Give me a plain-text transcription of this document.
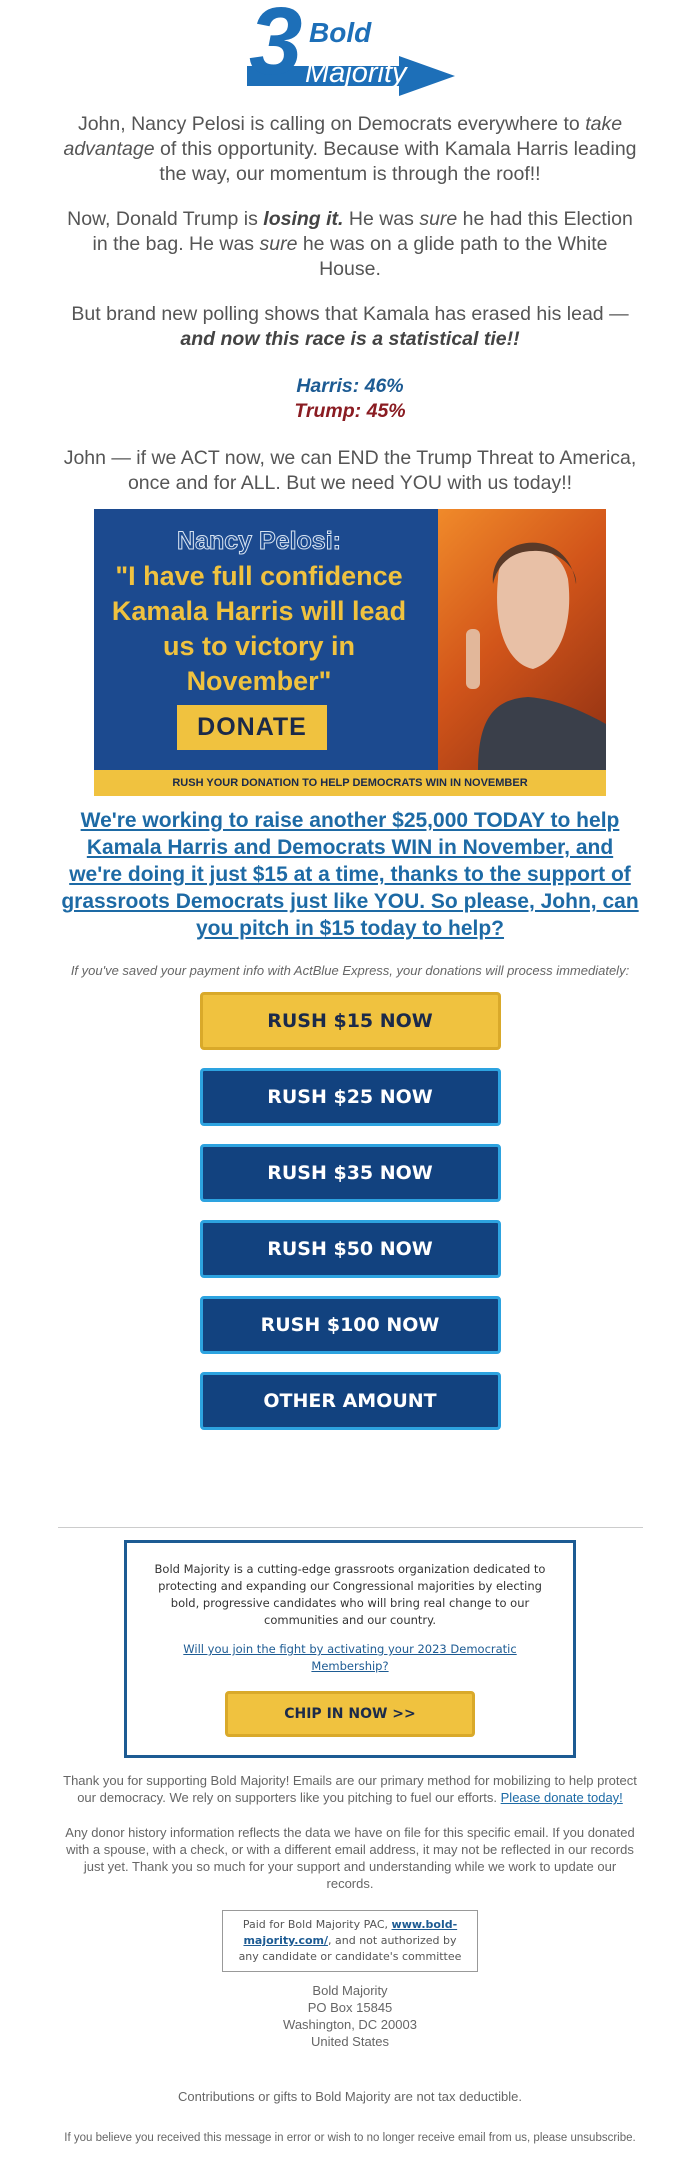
3 Bold
Majority

John, Nancy Pelosi is calling on Democrats everywhere to take advantage of this opportunity. Because with Kamala Harris leading the way, our momentum is through the roof!!

Now, Donald Trump is losing it. He was sure he had this Election in the bag. He was sure he was on a glide path to the White House.

But brand new polling shows that Kamala has erased his lead — and now this race is a statistical tie!!

Harris: 46%
Trump: 45%

John — if we ACT now, we can END the Trump Threat to America, once and for ALL. But we need YOU with us today!!

Nancy Pelosi:
"I have full confidence Kamala Harris will lead us to victory in November"
DONATE
RUSH YOUR DONATION TO HELP DEMOCRATS WIN IN NOVEMBER
We're working to raise another $25,000 TODAY to help Kamala Harris and Democrats WIN in November, and we're doing it just $15 at a time, thanks to the support of grassroots Democrats just like YOU. So please, John, can you pitch in $15 today to help?

If you've saved your payment info with ActBlue Express, your donations will process immediately:

RUSH $15 NOW
RUSH $25 NOW
RUSH $35 NOW
RUSH $50 NOW
RUSH $100 NOW
OTHER AMOUNT

Bold Majority is a cutting-edge grassroots organization dedicated to protecting and expanding our Congressional majorities by electing bold, progressive candidates who will bring real change to our communities and our country.

Will you join the fight by activating your 2023 Democratic Membership?
CHIP IN NOW >>

Thank you for supporting Bold Majority! Emails are our primary method for mobilizing to help protect our democracy. We rely on supporters like you pitching to fuel our efforts. Please donate today!

Any donor history information reflects the data we have on file for this specific email. If you donated with a spouse, with a check, or with a different email address, it may not be reflected in our records just yet. Thank you so much for your support and understanding while we work to update our records.

Paid for Bold Majority PAC, www.bold-majority.com/, and not authorized by any candidate or candidate's committee
Bold Majority
PO Box 15845
Washington, DC 20003
United States

Contributions or gifts to Bold Majority are not tax deductible.

If you believe you received this message in error or wish to no longer receive email from us, please unsubscribe.
